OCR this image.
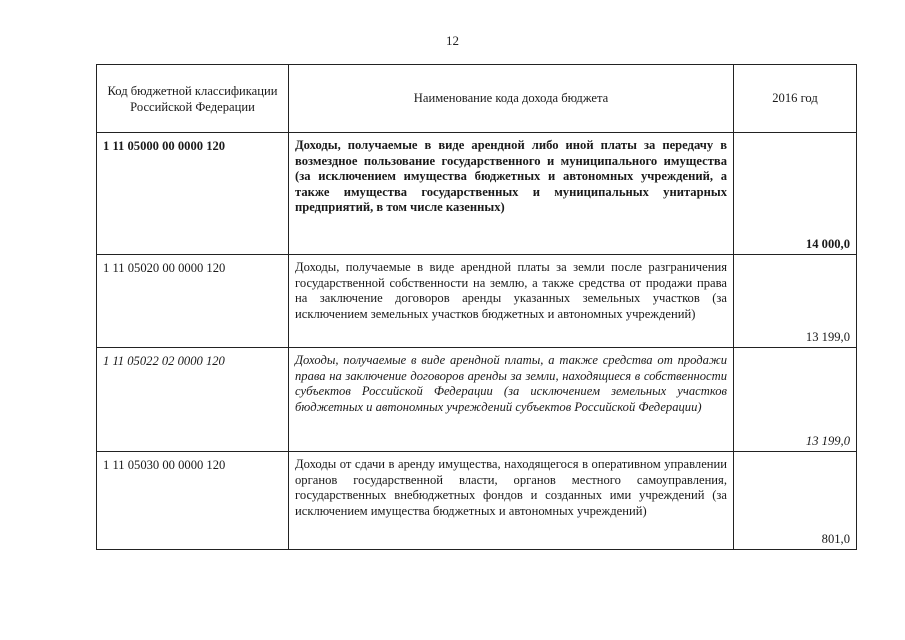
12
Код бюджетной классификации Российской Федерации	Наименование кода дохода бюджета	2016 год

1 11 05000 00 0000 120	Доходы, получаемые в виде арендной либо иной платы за передачу в возмездное пользование государственного и муниципального имущества (за исключением имущества бюджетных и автономных учреждений, а также имущества государственных и муниципальных унитарных предприятий, в том числе казенных)	14 000,0
1 11 05020 00 0000 120	Доходы, получаемые в виде арендной платы за земли после разграничения государственной собственности на землю, а также средства от продажи права на заключение договоров аренды указанных земельных участков (за исключением земельных участков бюджетных и автономных учреждений)	13 199,0
1 11 05022 02 0000 120	Доходы, получаемые в виде арендной платы, а также средства от продажи права на заключение договоров аренды за земли, находящиеся в собственности субъектов Российской Федерации (за исключением земельных участков бюджетных и автономных учреждений субъектов Российской Федерации)	13 199,0
1 11 05030 00 0000 120	Доходы от сдачи в аренду имущества, находящегося в оперативном управлении органов государственной власти, органов местного самоуправления, государственных внебюджетных фондов и созданных ими учреждений (за исключением имущества бюджетных и автономных учреждений)	801,0
